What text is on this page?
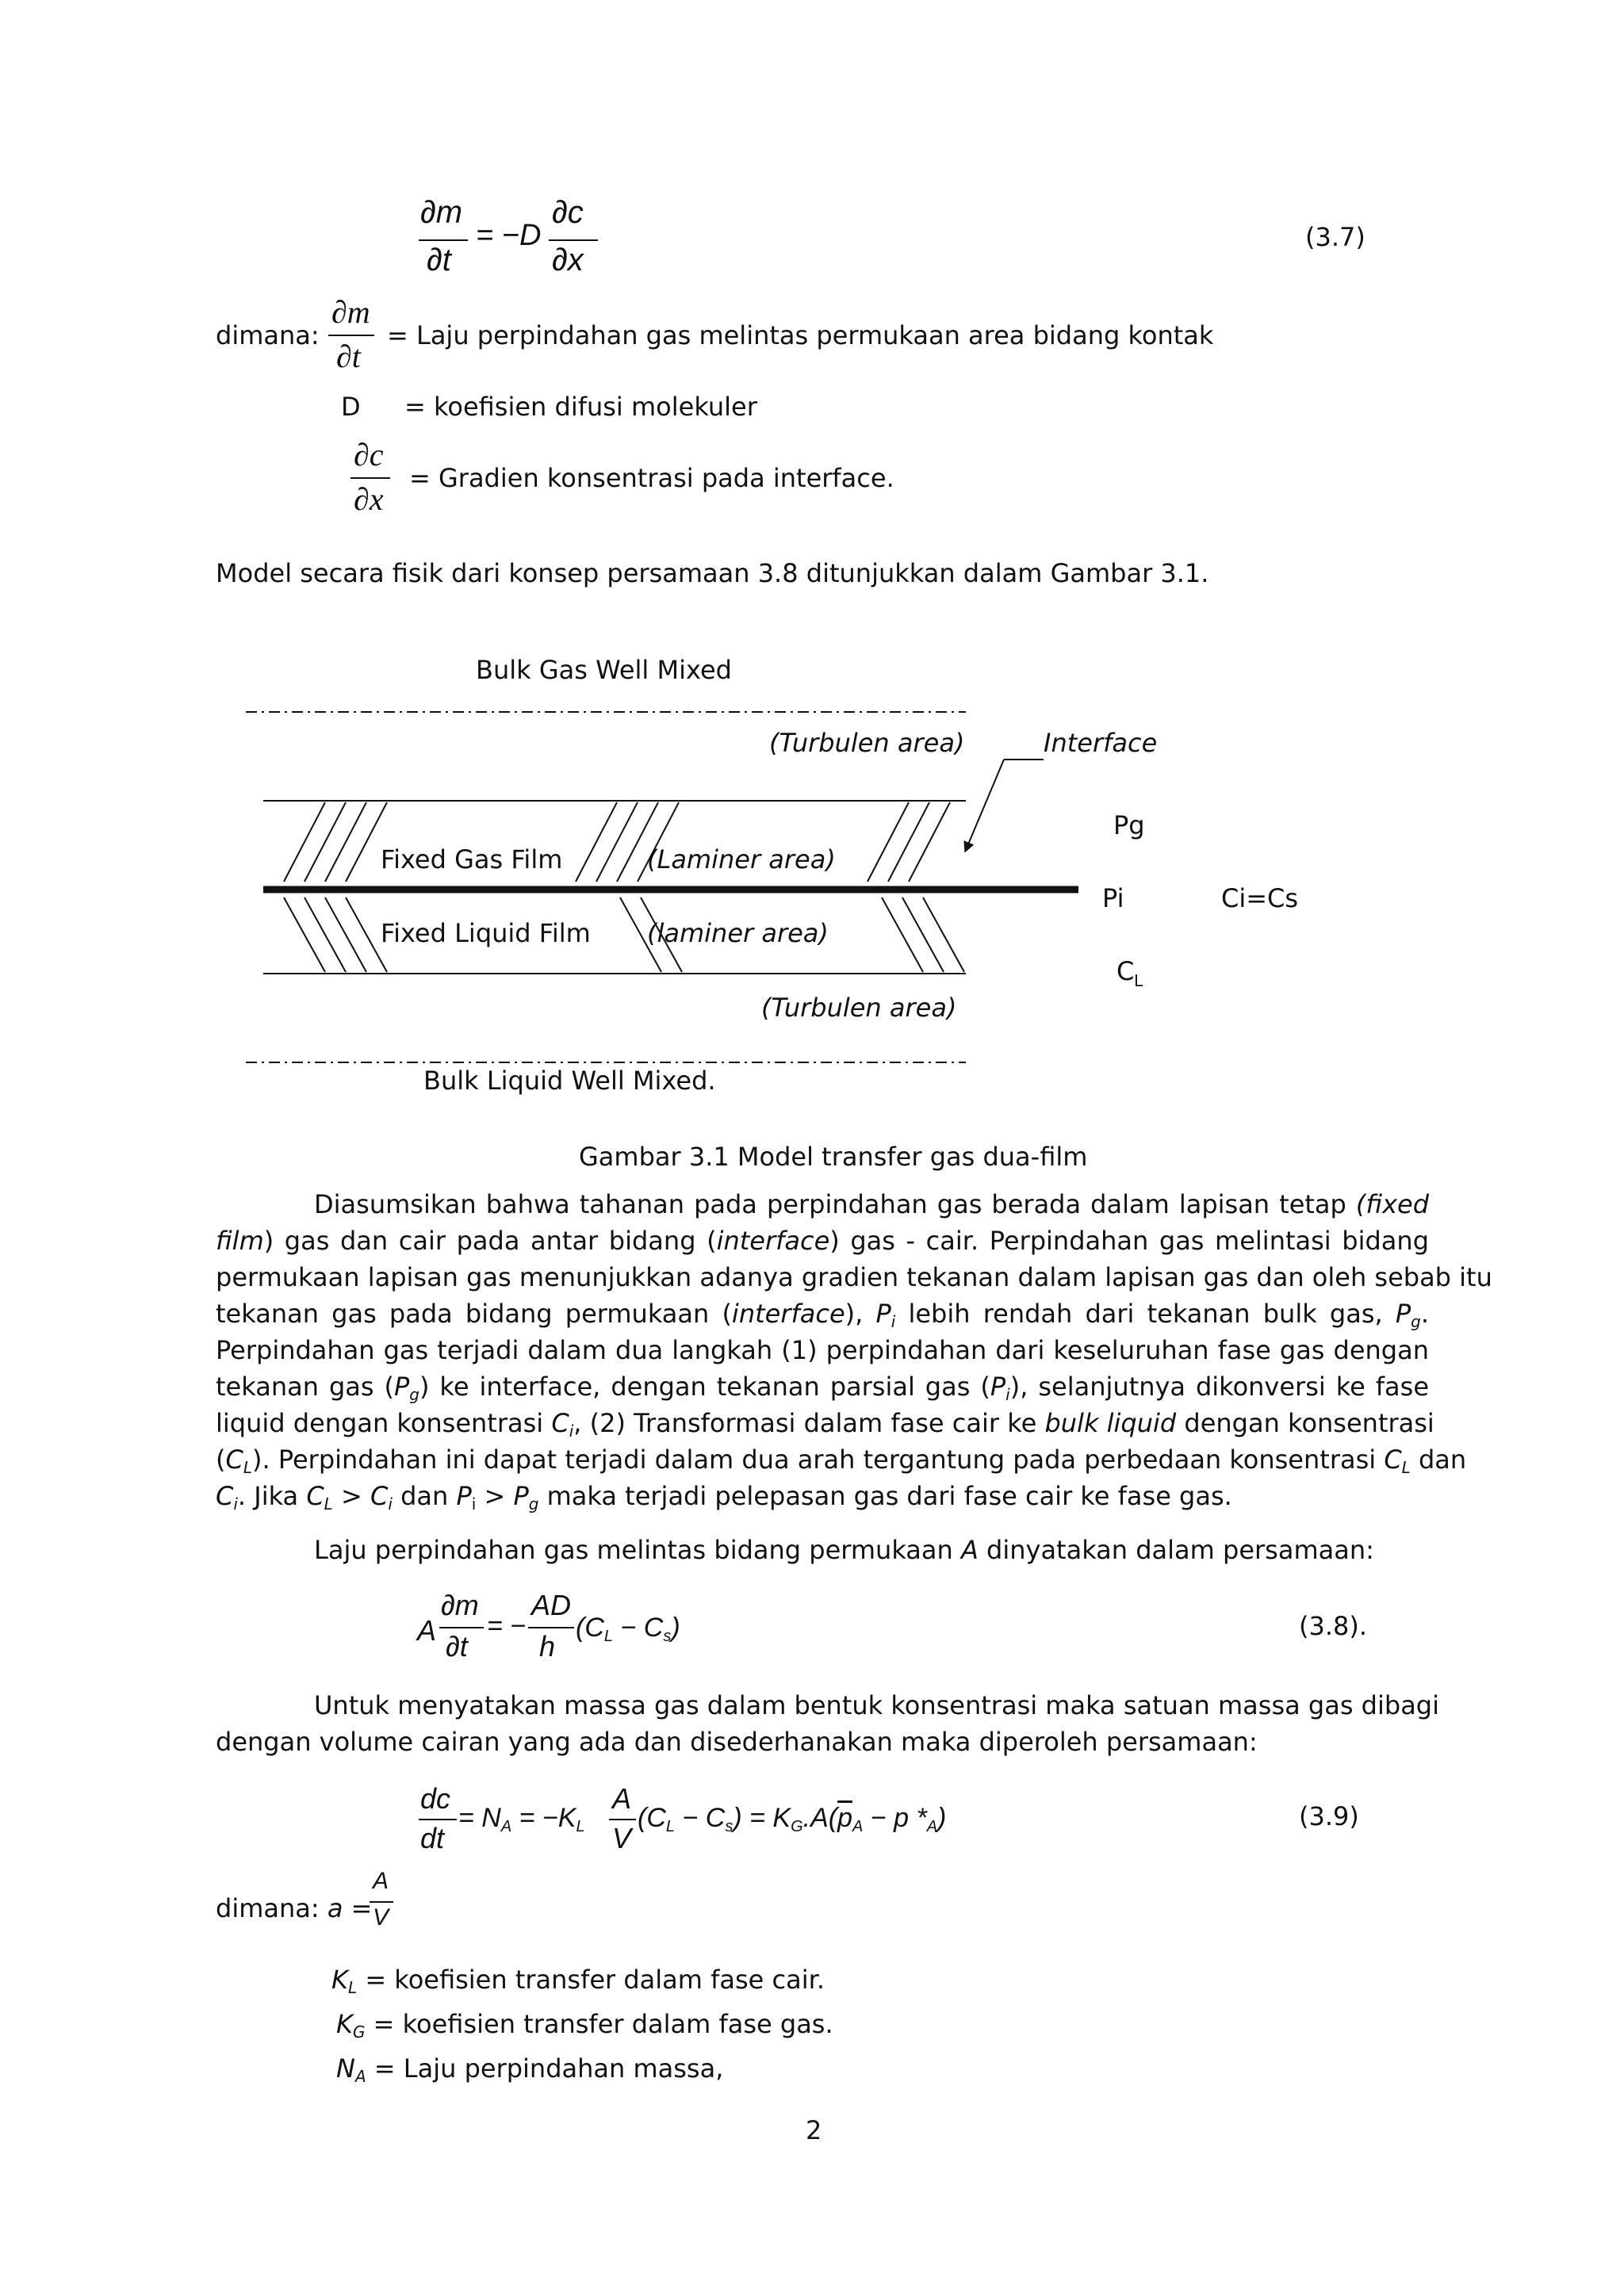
∂m
∂t
= −D
∂c
∂x
(3.7)
dimana:
∂m
∂t
= Laju perpindahan gas melintas permukaan area bidang kontak
D = koefisien difusi molekuler
∂c
∂x
= Gradien konsentrasi pada interface.
Model secara fisik dari konsep persamaan 3.8 ditunjukkan dalam Gambar 3.1.
Bulk Gas Well Mixed
(Turbulen area)	Interface
Pg
Fixed Gas Film	(Laminer area)
Pi	Ci=Cs
Fixed Liquid Film (laminer area)
C L
(Turbulen area)
Bulk Liquid Well Mixed.
Gambar 3.1 Model transfer gas dua-film
Diasumsikan bahwa tahanan pada perpindahan gas berada dalam lapisan tetap (fixed
film) gas dan cair pada antar bidang (interface) gas - cair. Perpindahan gas melintasi bidang
permukaan lapisan gas menunjukkan adanya gradien tekanan dalam lapisan gas dan oleh sebab itu
tekanan gas pada bidang permukaan (interface), $P_i$ lebih rendah dari tekanan bulk gas, $P_g$.
Perpindahan gas terjadi dalam dua langkah (1) perpindahan dari keseluruhan fase gas dengan
tekanan gas $(P_g)$ ke interface, dengan tekanan parsial gas $(P_i)$, selanjutnya dikonversi ke fase
liquid dengan konsentrasi $C_i$, (2) Transformasi dalam fase cair ke bulk liquid dengan konsentrasi
$(C_L)$. Perpindahan ini dapat terjadi dalam dua arah tergantung pada perbedaan konsentrasi $C_L$ dan
$C_i$. Jika $C_L > C_i$ dan $P_i > P_g$ maka terjadi pelepasan gas dari fase cair ke fase gas.
Laju perpindahan gas melintas bidang permukaan A dinyatakan dalam persamaan:
A
∂m
∂t
= −
AD
h
$(C_L - C_s)$	(3.8).
Untuk menyatakan massa gas dalam bentuk konsentrasi maka satuan massa gas dibagi
dengan volume cairan yang ada dan disederhanakan maka diperoleh persamaan:
dc
dt
= $N_A = -K_L$
A
V
$(C_L - C_s) = K_G.A(\overline{p}_A - p$ $*_A$)	(3.9)
dimana: a =
A
V
$K_L$ = koefisien transfer dalam fase cair.
$K_G$ = koefisien transfer dalam fase gas.
$N_A$ = Laju perpindahan massa,
2
